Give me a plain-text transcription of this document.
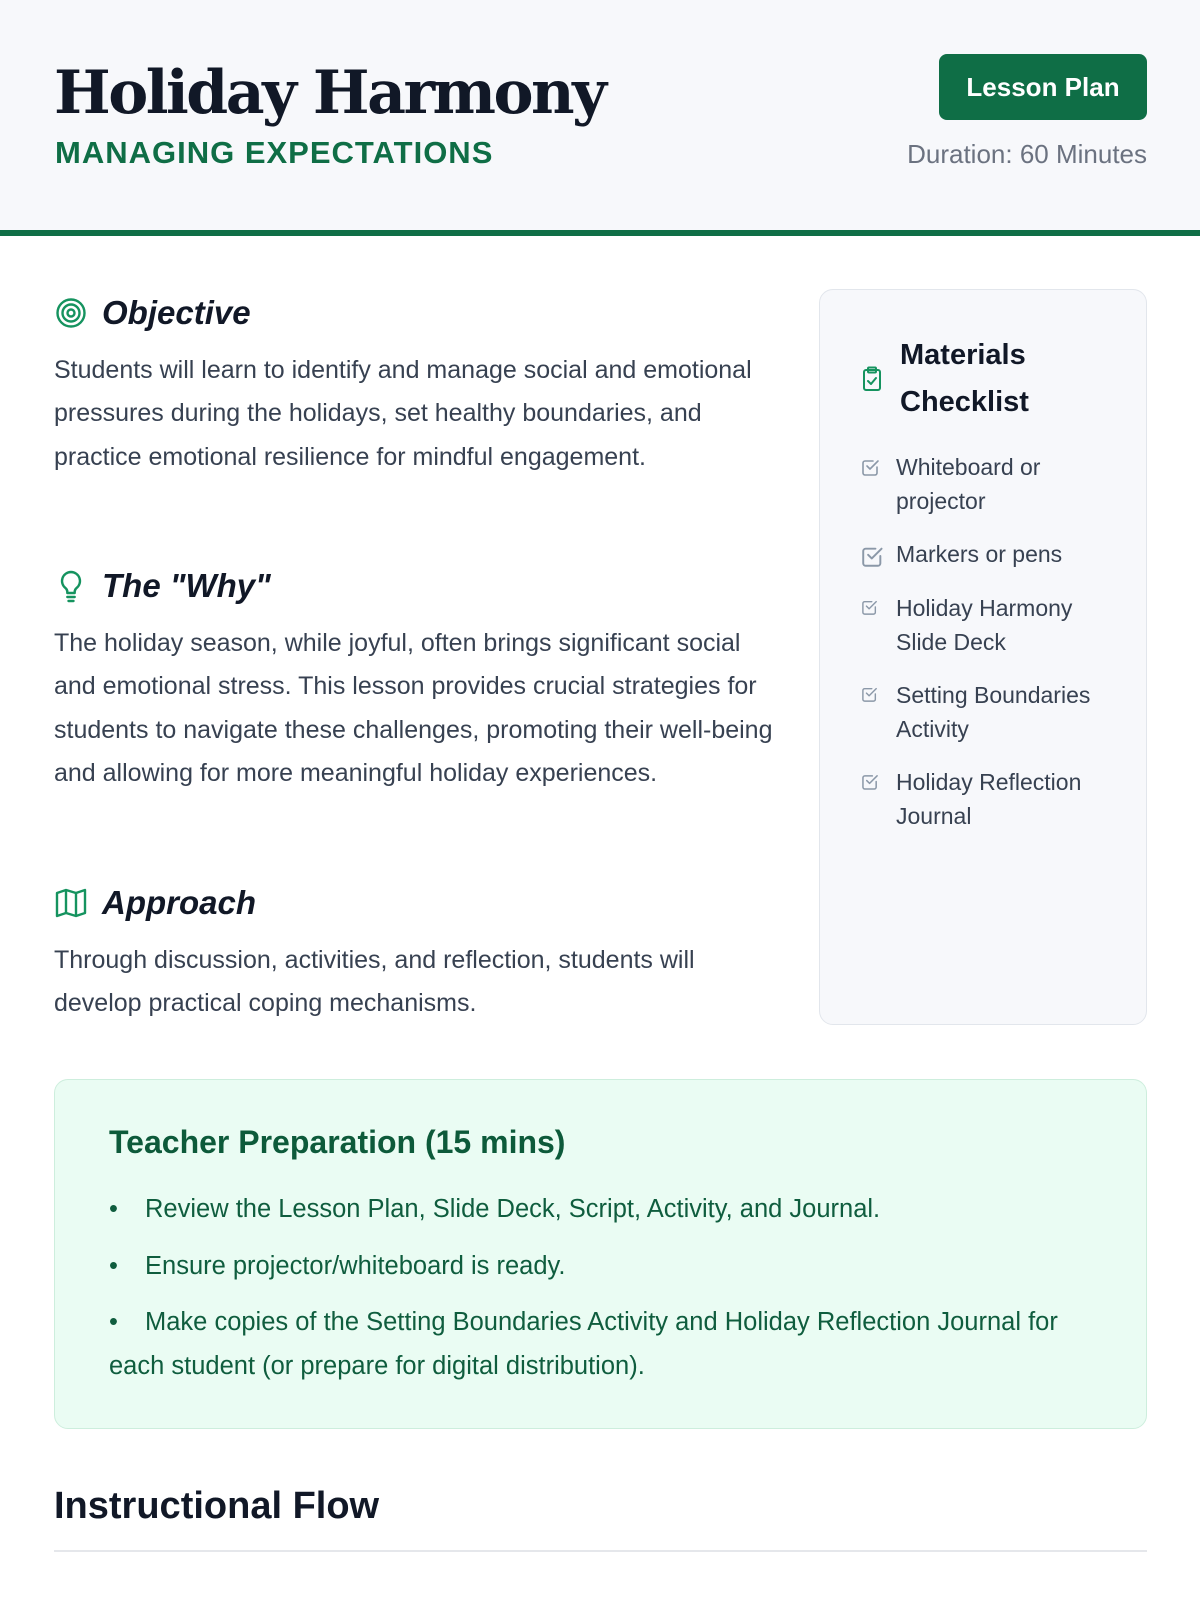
Holiday Harmony
MANAGING EXPECTATIONS
Lesson Plan
Duration: 60 Minutes
Objective
Students will learn to identify and manage social and emotional pressures during the holidays, set healthy boundaries, and practice emotional resilience for mindful engagement.
The "Why"
The holiday season, while joyful, often brings significant social and emotional stress. This lesson provides crucial strategies for students to navigate these challenges, promoting their well-being and allowing for more meaningful holiday experiences.
Approach
Through discussion, activities, and reflection, students will develop practical coping mechanisms.
Materials Checklist
Whiteboard or projector
Markers or pens
Holiday Harmony Slide Deck
Setting Boundaries Activity
Holiday Reflection Journal
Teacher Preparation (15 mins)
• Review the Lesson Plan, Slide Deck, Script, Activity, and Journal.
• Ensure projector/whiteboard is ready.
• Make copies of the Setting Boundaries Activity and Holiday Reflection Journal for each student (or prepare for digital distribution).
Instructional Flow
